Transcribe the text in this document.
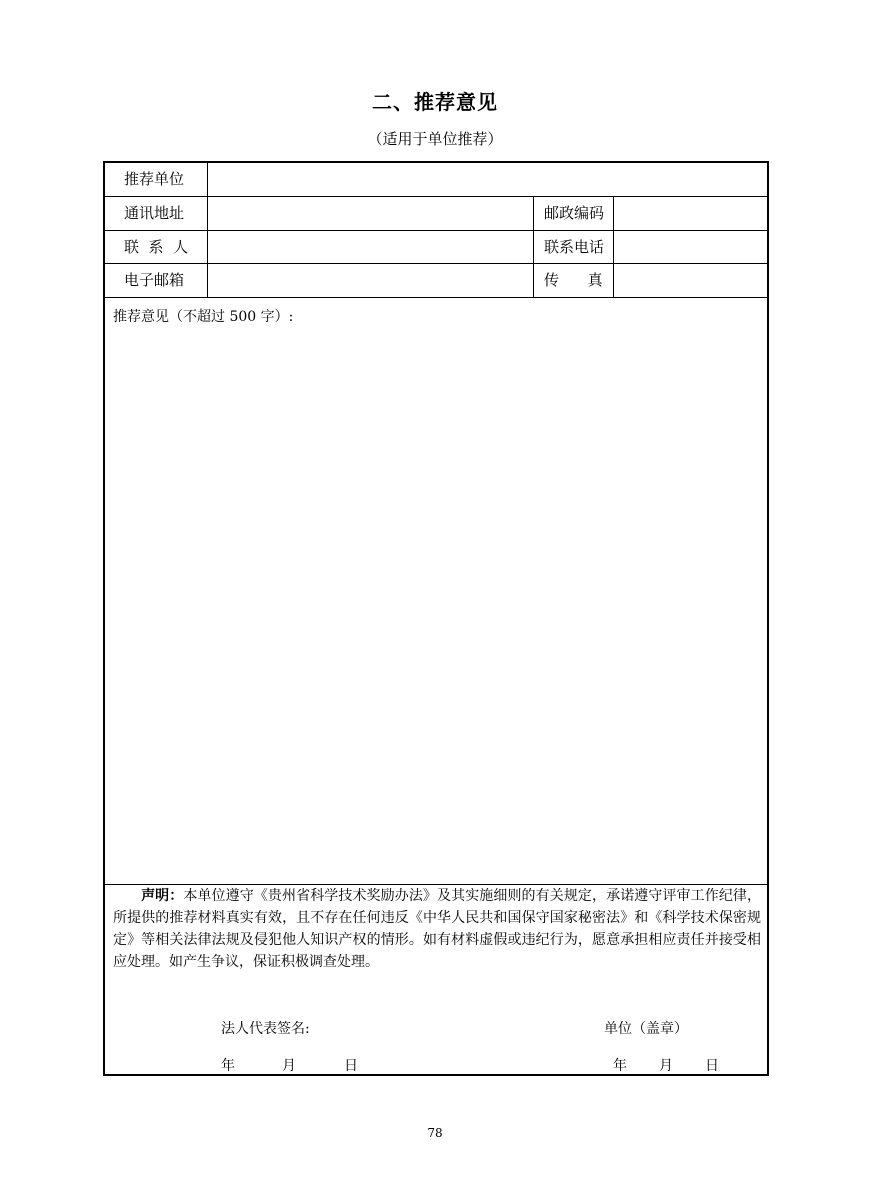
二、推荐意见
（适用于单位推荐）
推荐单位
通讯地址	邮政编码
联  系  人	联系电话
电子邮箱	传      真
推荐意见（不超过 500 字）:
声明：本单位遵守《贵州省科学技术奖励办法》及其实施细则的有关规定，承诺遵守评审工作纪律，所提供的推荐材料真实有效，且不存在任何违反《中华人民共和国保守国家秘密法》和《科学技术保密规定》等相关法律法规及侵犯他人知识产权的情形。如有材料虚假或违纪行为，愿意承担相应责任并接受相应处理。如产生争议，保证积极调查处理。
法人代表签名:	单位（盖章）
年	月	日	年 月 日
78
